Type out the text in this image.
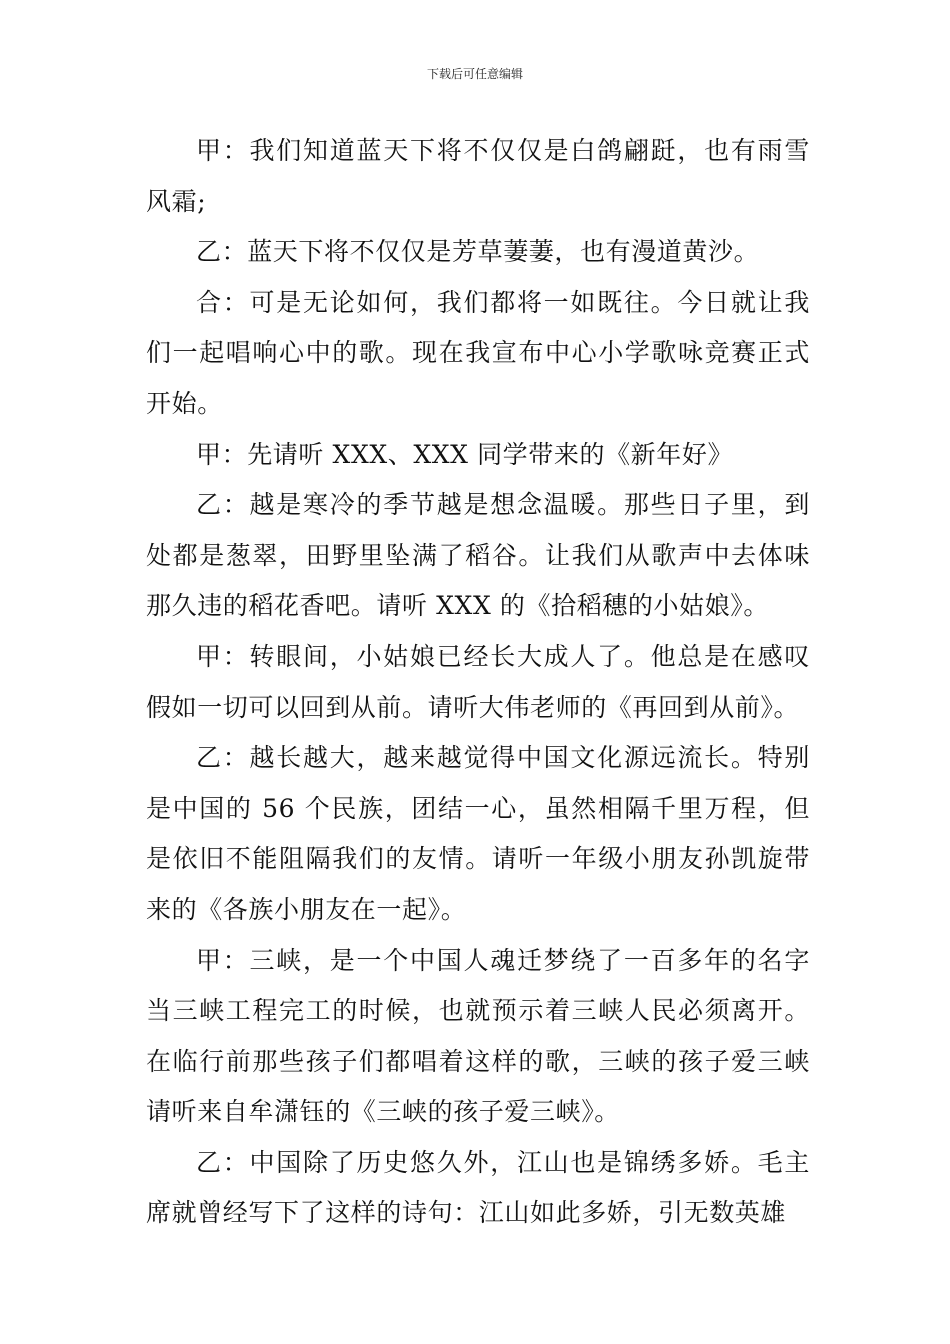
下载后可任意编辑

甲：我们知道蓝天下将不仅仅是白鸽翩跹，也有雨雪风霜;

乙：蓝天下将不仅仅是芳草萋萋，也有漫道黄沙。

合：可是无论如何，我们都将一如既往。今日就让我们一起唱响心中的歌。现在我宣布中心小学歌咏竞赛正式开始。

甲：先请听 XXX、XXX 同学带来的《新年好》

乙：越是寒冷的季节越是想念温暖。那些日子里，到处都是葱翠，田野里坠满了稻谷。让我们从歌声中去体味那久违的稻花香吧。请听 XXX 的《拾稻穗的小姑娘》。

甲：转眼间，小姑娘已经长大成人了。他总是在感叹假如一切可以回到从前。请听大伟老师的《再回到从前》。

乙：越长越大，越来越觉得中国文化源远流长。特别是中国的 56 个民族，团结一心，虽然相隔千里万程，但是依旧不能阻隔我们的友情。请听一年级小朋友孙凯旋带来的《各族小朋友在一起》。

甲：三峡，是一个中国人魂迁梦绕了一百多年的名字当三峡工程完工的时候，也就预示着三峡人民必须离开。在临行前那些孩子们都唱着这样的歌，三峡的孩子爱三峡请听来自牟潇钰的《三峡的孩子爱三峡》。

乙：中国除了历史悠久外，江山也是锦绣多娇。毛主席就曾经写下了这样的诗句：江山如此多娇，引无数英雄
